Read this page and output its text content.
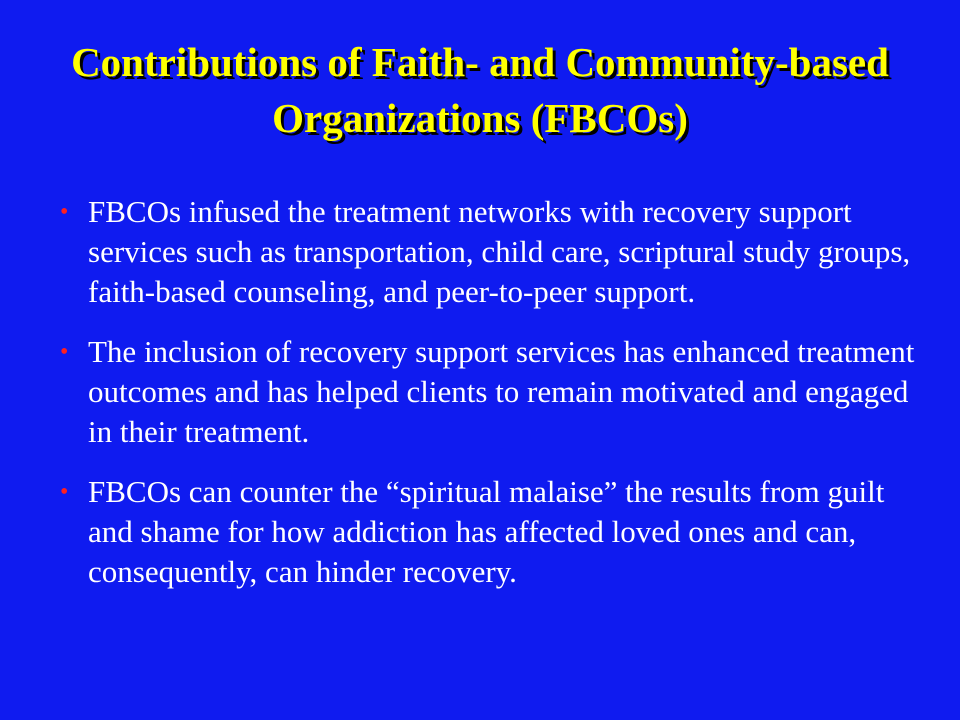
Contributions of Faith- and Community-based Organizations (FBCOs)
• FBCOs infused the treatment networks with recovery support services such as transportation, child care, scriptural study groups, faith-based counseling, and peer-to-peer support.
• The inclusion of recovery support services has enhanced treatment outcomes and has helped clients to remain motivated and engaged in their treatment.
• FBCOs can counter the “spiritual malaise” the results from guilt and shame for how addiction has affected loved ones and can, consequently, can hinder recovery.
